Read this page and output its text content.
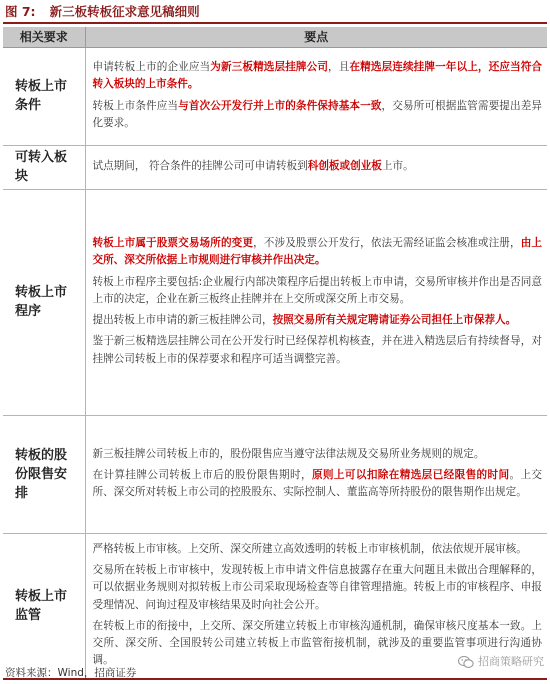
图 7: 新三板转板征求意见稿细则
相关要求	要点
转板上市条件	申请转板上市的企业应当为新三板精选层挂牌公司，且在精选层连续挂牌一年以上，还应当符合转入板块的上市条件。

转板上市条件应当与首次公开发行并上市的条件保持基本一致，交易所可根据监管需要提出差异化要求。

可转入板块	试点期间， 符合条件的挂牌公司可申请转板到科创板或创业板上市。

转板上市程序	转板上市属于股票交易场所的变更，不涉及股票公开发行，依法无需经证监会核准或注册，由上交所、深交所依据上市规则进行审核并作出决定。

转板上市程序主要包括:企业履行内部决策程序后提出转板上市申请，交易所审核并作出是否同意上市的决定，企业在新三板终止挂牌并在上交所或深交所上市交易。

提出转板上市申请的新三板挂牌公司，按照交易所有关规定聘请证券公司担任上市保荐人。

鉴于新三板精选层挂牌公司在公开发行时已经保荐机构核查，并在进入精选层后有持续督导，对挂牌公司转板上市的保荐要求和程序可适当调整完善。

转板的股份限售安排	新三板挂牌公司转板上市的，股份限售应当遵守法律法规及交易所业务规则的规定。

在计算挂牌公司转板上市后的股份限售期时，原则上可以扣除在精选层已经限售的时间。上交所、深交所对转板上市公司的控股股东、实际控制人、董监高等所持股份的限售期作出规定。

转板上市监管	严格转板上市审核。上交所、深交所建立高效透明的转板上市审核机制，依法依规开展审核。

交易所在转板上市审核中，发现转板上市申请文件信息披露存在重大问题且未做出合理解释的，可以依据业务规则对拟转板上市公司采取现场检查等自律管理措施。转板上市的审核程序、申报受理情况、问询过程及审核结果及时向社会公开。

在转板上市的衔接中，上交所、深交所建立转板上市审核沟通机制，确保审核尺度基本一致。上交所、深交所、全国股转公司建立转板上市监管衔接机制，就涉及的重要监管事项进行沟通协调。

资料来源：Wind，招商证券
招商策略研究
